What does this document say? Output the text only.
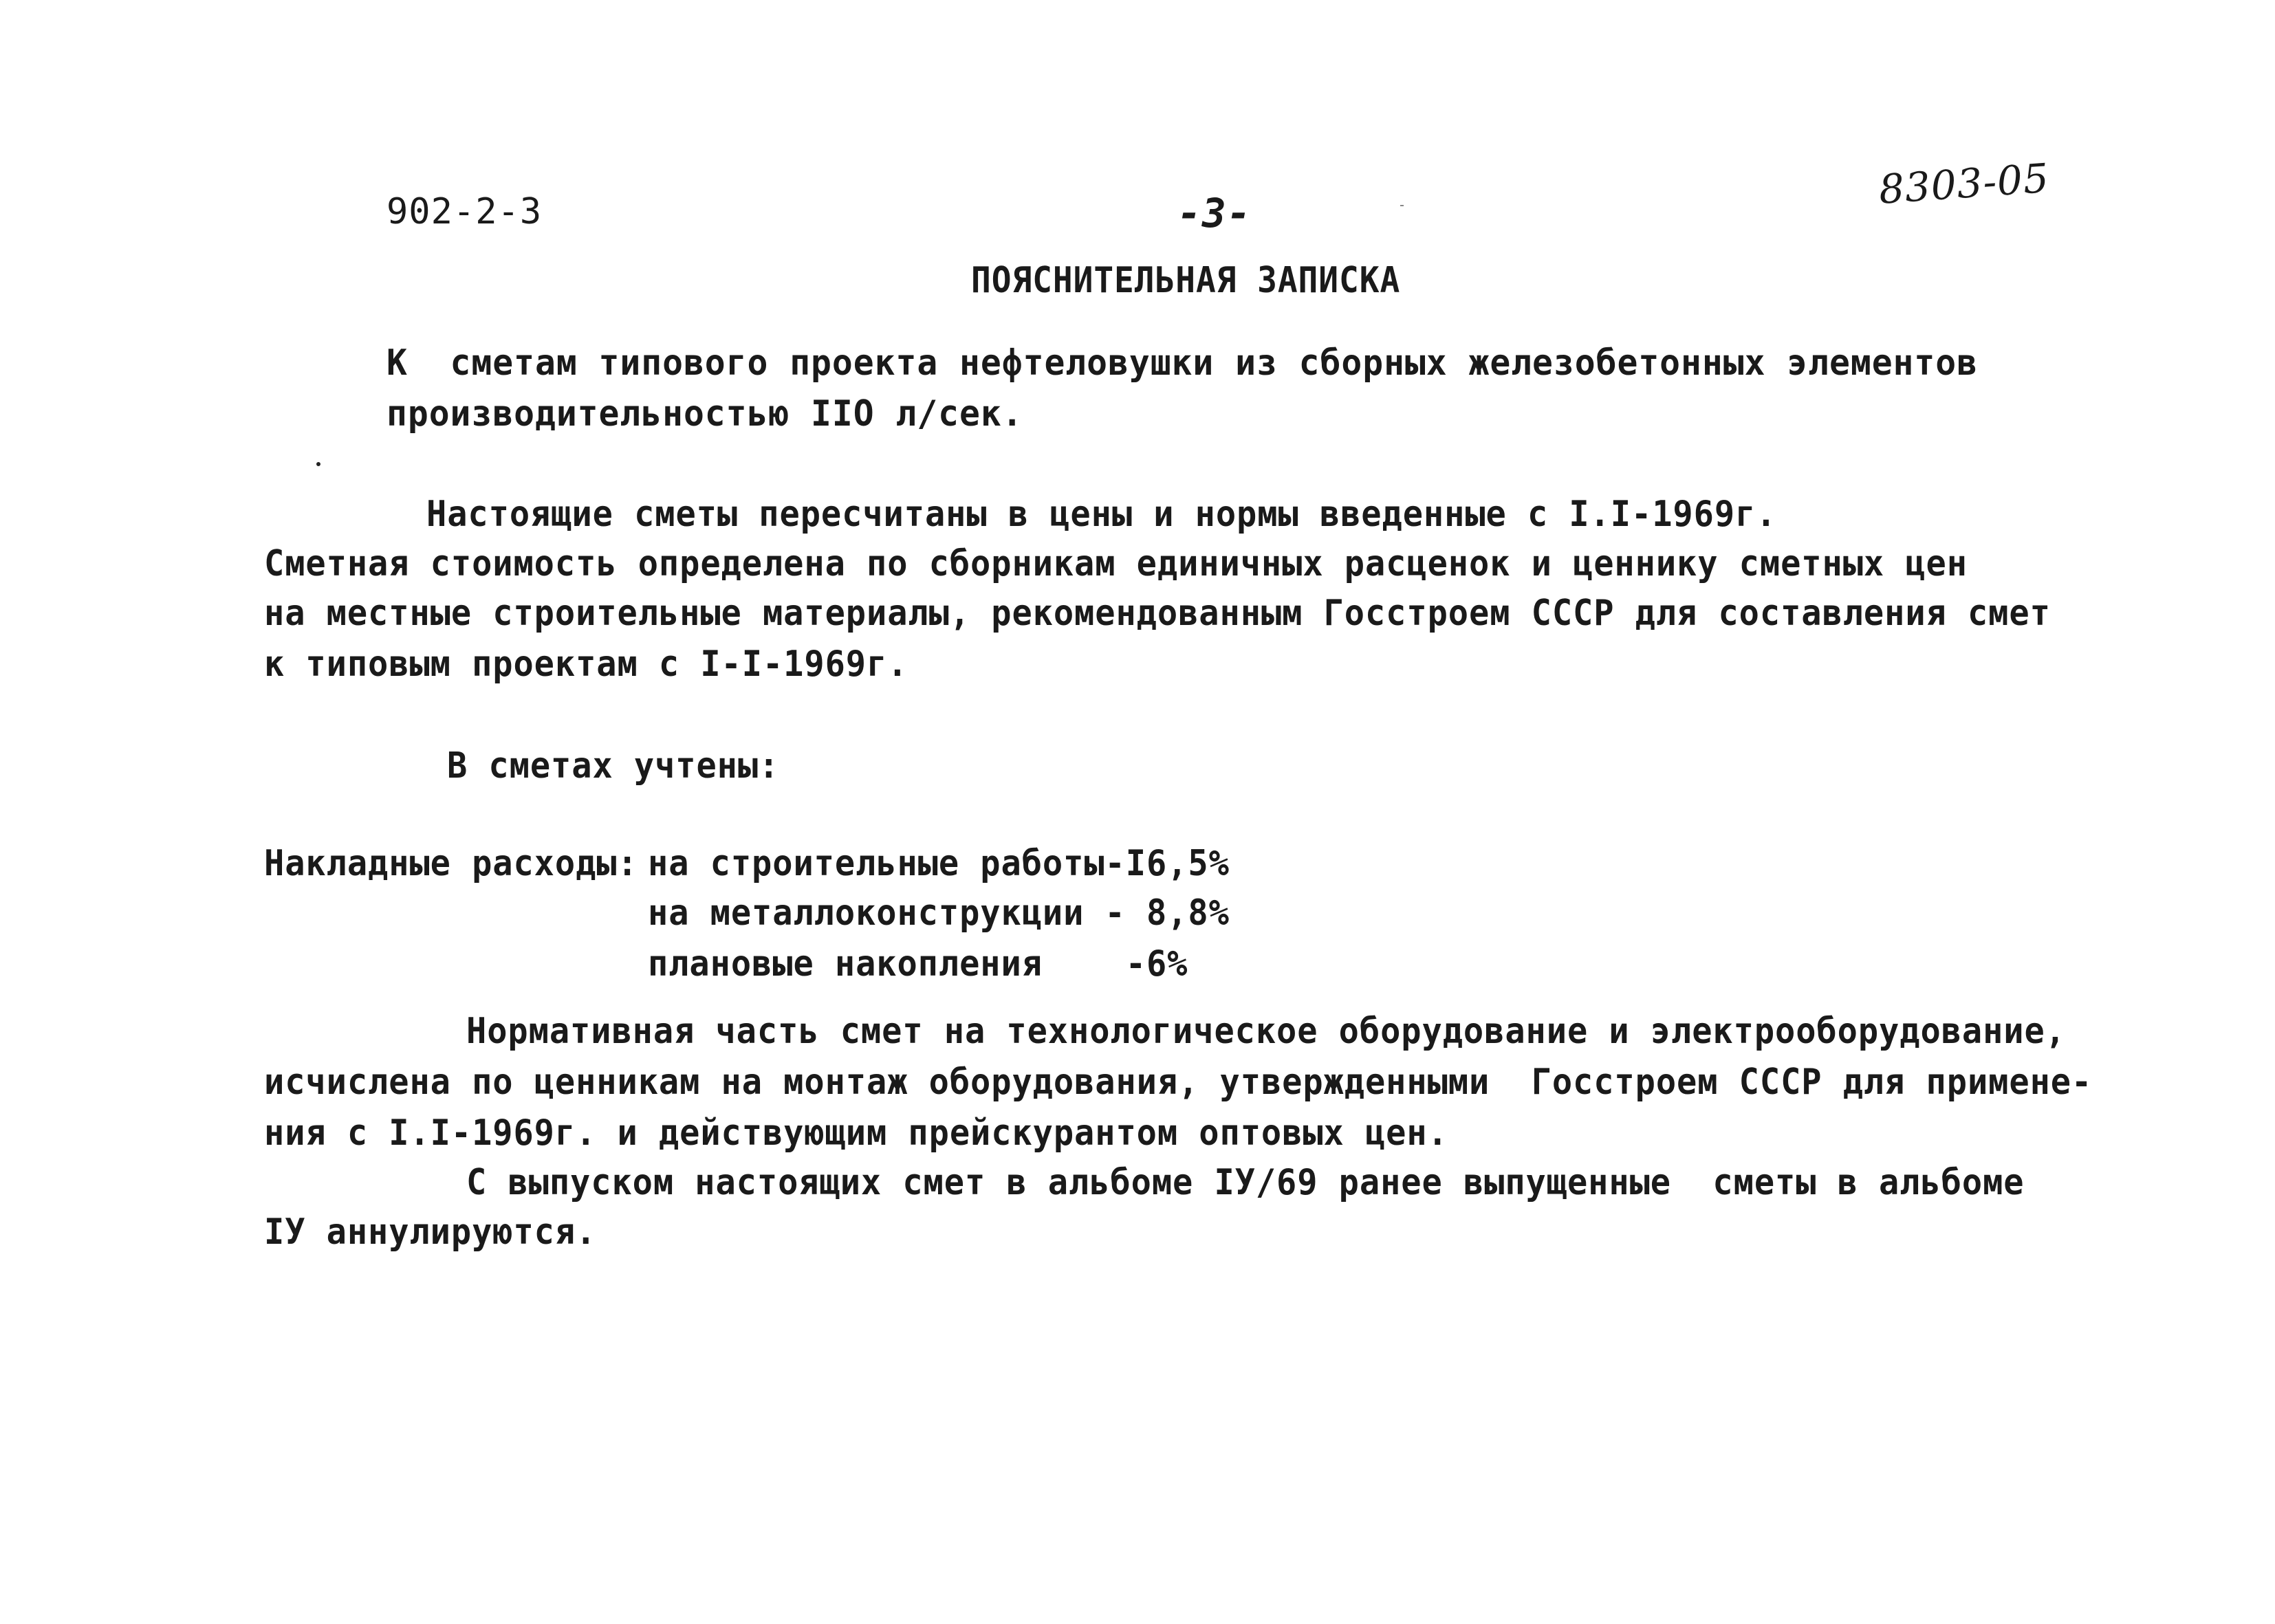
902-2-3	-3-
8303-05
ПОЯСНИТЕЛЬНАЯ ЗАПИСКА
К  сметам типового проекта нефтеловушки из сборных железобетонных элементов
производительностью IIO л/сек.
Настоящие сметы пересчитаны в цены и нормы введенные с I.I-1969г.
Сметная стоимость определена по сборникам единичных расценок и ценнику сметных цен
на местные строительные материалы, рекомендованным Госстроем СССР для составления смет
к типовым проектам с I-I-1969г.
В сметах учтены:
Накладные расходы: на строительные работы-I6,5%
на металлоконструкции - 8,8%
плановые накопления    -6%
Нормативная часть смет на технологическое оборудование и электрооборудование,
исчислена по ценникам на монтаж оборудования, утвержденными  Госстроем СССР для примене-
ния с I.I-1969г. и действующим прейскурантом оптовых цен.
С выпуском настоящих смет в альбоме IУ/69 ранее выпущенные  сметы в альбоме
IУ аннулируются.
